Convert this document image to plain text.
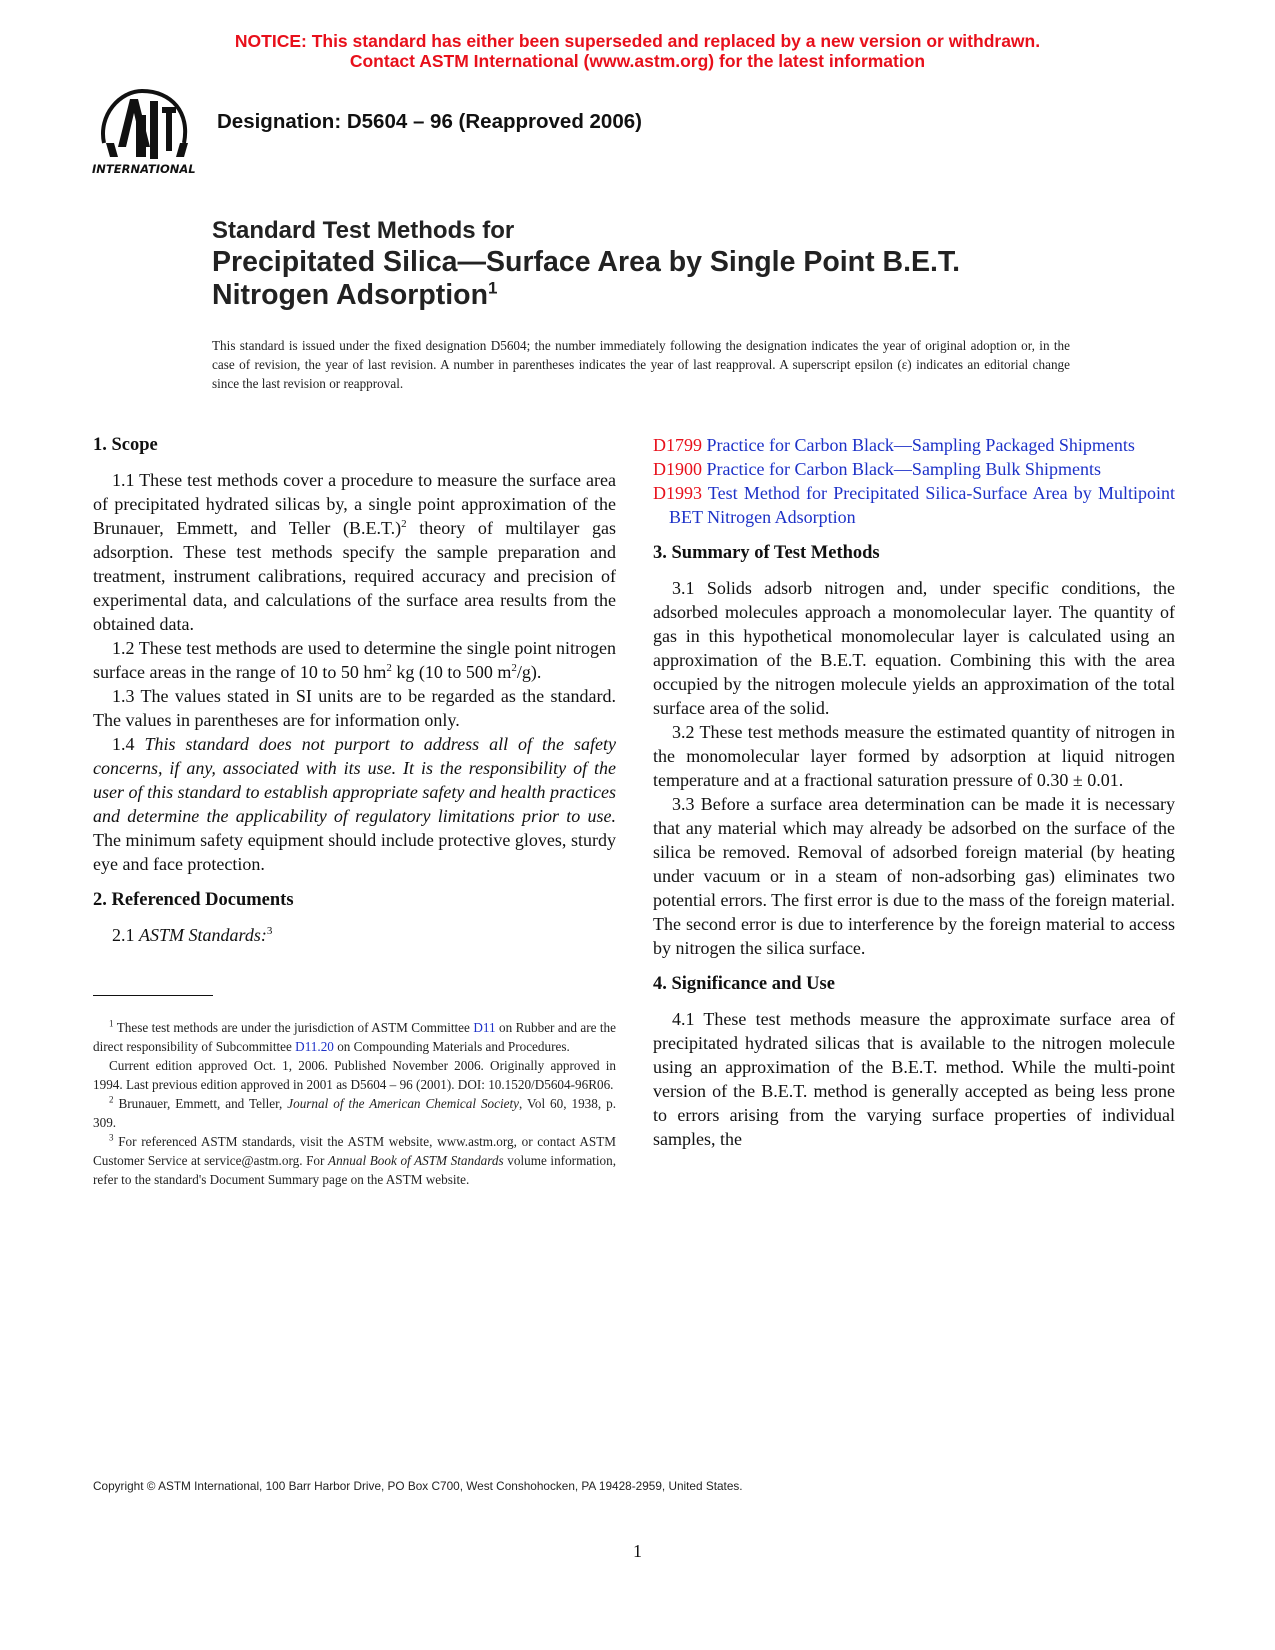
NOTICE: This standard has either been superseded and replaced by a new version or withdrawn.
Contact ASTM International (www.astm.org) for the latest information
INTERNATIONAL
Designation: D5604 – 96 (Reapproved 2006)
Standard Test Methods for
Precipitated Silica—Surface Area by Single Point B.E.T.
Nitrogen Adsorption$^1$
This standard is issued under the fixed designation D5604; the number immediately following the designation indicates the year of original adoption or, in the case of revision, the year of last revision. A number in parentheses indicates the year of last reapproval. A superscript epsilon (ε) indicates an editorial change since the last revision or reapproval.
1. Scope

1.1 These test methods cover a procedure to measure the surface area of precipitated hydrated silicas by, a single point approximation of the Brunauer, Emmett, and Teller $(B.E.T.)^2$ theory of multilayer gas adsorption. These test methods specify the sample preparation and treatment, instrument calibrations, required accuracy and precision of experimental data, and calculations of the surface area results from the obtained data.

1.2 These test methods are used to determine the single point nitrogen surface areas in the range of 10 to 50 $hm^2$ kg (10 to 500 $m^2/g$).

1.3 The values stated in SI units are to be regarded as the standard. The values in parentheses are for information only.

1.4 This standard does not purport to address all of the safety concerns, if any, associated with its use. It is the responsibility of the user of this standard to establish appropriate safety and health practices and determine the applicability of regulatory limitations prior to use. The minimum safety equipment should include protective gloves, sturdy eye and face protection.

2. Referenced Documents

2.1 ASTM Standards:$^3$

$^1$ These test methods are under the jurisdiction of ASTM Committee D11 on Rubber and are the direct responsibility of Subcommittee D11.20 on Compounding Materials and Procedures.

Current edition approved Oct. 1, 2006. Published November 2006. Originally approved in 1994. Last previous edition approved in 2001 as D5604 – 96 (2001). DOI: 10.1520/D5604-96R06.

$^2$ Brunauer, Emmett, and Teller, Journal of the American Chemical Society, Vol 60, 1938, p. 309.

$^3$ For referenced ASTM standards, visit the ASTM website, www.astm.org, or contact ASTM Customer Service at service@astm.org. For Annual Book of ASTM Standards volume information, refer to the standard's Document Summary page on the ASTM website.

D1799 Practice for Carbon Black—Sampling Packaged Shipments
D1900 Practice for Carbon Black—Sampling Bulk Shipments
D1993 Test Method for Precipitated Silica-Surface Area by Multipoint BET Nitrogen Adsorption
3. Summary of Test Methods

3.1 Solids adsorb nitrogen and, under specific conditions, the adsorbed molecules approach a monomolecular layer. The quantity of gas in this hypothetical monomolecular layer is calculated using an approximation of the B.E.T. equation. Combining this with the area occupied by the nitrogen molecule yields an approximation of the total surface area of the solid.

3.2 These test methods measure the estimated quantity of nitrogen in the monomolecular layer formed by adsorption at liquid nitrogen temperature and at a fractional saturation pressure of 0.30 ± 0.01.

3.3 Before a surface area determination can be made it is necessary that any material which may already be adsorbed on the surface of the silica be removed. Removal of adsorbed foreign material (by heating under vacuum or in a steam of non-adsorbing gas) eliminates two potential errors. The first error is due to the mass of the foreign material. The second error is due to interference by the foreign material to access by nitrogen the silica surface.

4. Significance and Use

4.1 These test methods measure the approximate surface area of precipitated hydrated silicas that is available to the nitrogen molecule using an approximation of the B.E.T. method. While the multi-point version of the B.E.T. method is generally accepted as being less prone to errors arising from the varying surface properties of individual samples, the

Copyright © ASTM International, 100 Barr Harbor Drive, PO Box C700, West Conshohocken, PA 19428-2959, United States.
1
